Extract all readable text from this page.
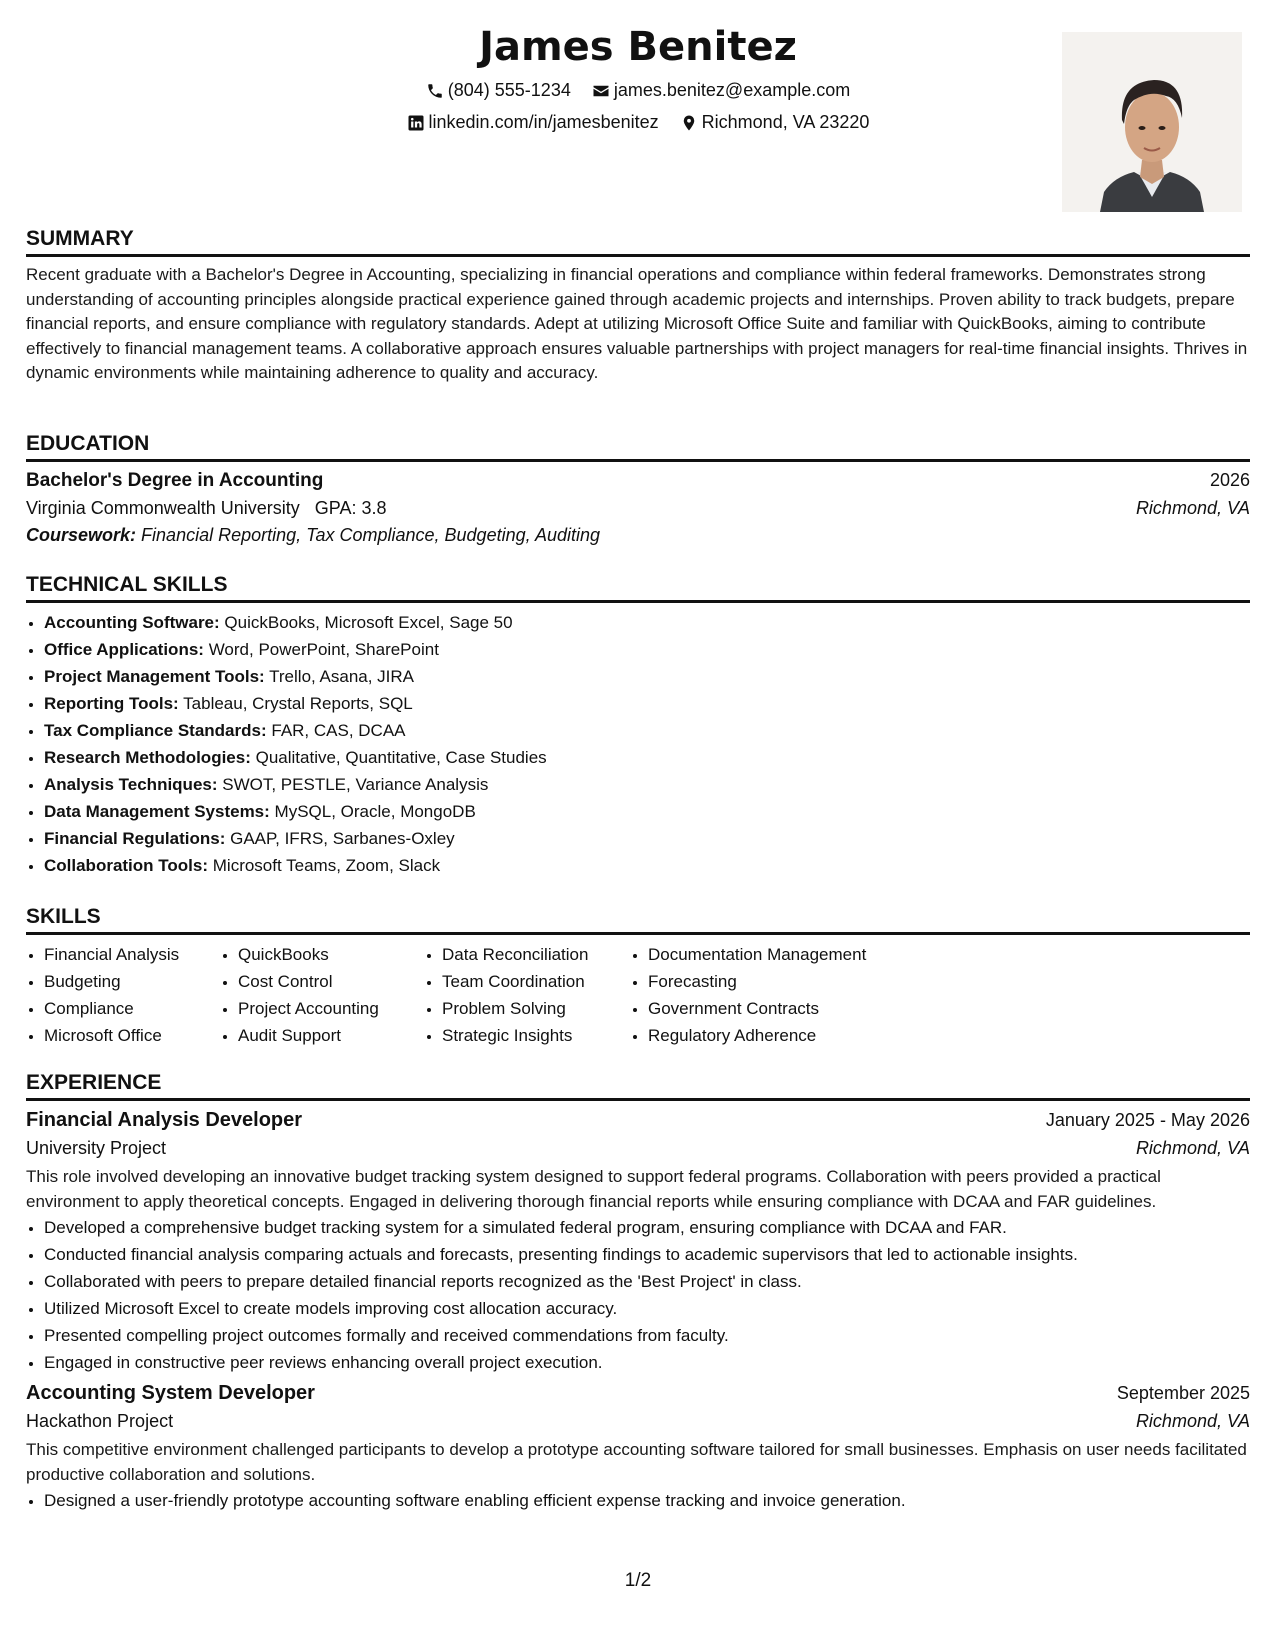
James Benitez
(804) 555-1234
james.benitez@example.com
linkedin.com/in/jamesbenitez
Richmond, VA 23220
SUMMARY
Recent graduate with a Bachelor's Degree in Accounting, specializing in financial operations and compliance within federal frameworks. Demonstrates strong understanding of accounting principles alongside practical experience gained through academic projects and internships. Proven ability to track budgets, prepare financial reports, and ensure compliance with regulatory standards. Adept at utilizing Microsoft Office Suite and familiar with QuickBooks, aiming to contribute effectively to financial management teams. A collaborative approach ensures valuable partnerships with project managers for real-time financial insights. Thrives in dynamic environments while maintaining adherence to quality and accuracy.
EDUCATION
Bachelor's Degree in Accounting	2026
Virginia Commonwealth University GPA: 3.8	Richmond, VA
Coursework:
Financial Reporting, Tax Compliance, Budgeting, Auditing
TECHNICAL SKILLS
• Accounting Software: QuickBooks, Microsoft Excel, Sage 50
• Office Applications: Word, PowerPoint, SharePoint
• Project Management Tools: Trello, Asana, JIRA
• Reporting Tools: Tableau, Crystal Reports, SQL
• Tax Compliance Standards: FAR, CAS, DCAA
• Research Methodologies: Qualitative, Quantitative, Case Studies
• Analysis Techniques: SWOT, PESTLE, Variance Analysis
• Data Management Systems: MySQL, Oracle, MongoDB
• Financial Regulations: GAAP, IFRS, Sarbanes-Oxley
• Collaboration Tools: Microsoft Teams, Zoom, Slack
SKILLS
• Financial Analysis
• Budgeting
• Compliance
• Microsoft Office
• QuickBooks
• Cost Control
• Project Accounting
• Audit Support
• Data Reconciliation
• Team Coordination
• Problem Solving
• Strategic Insights
• Documentation Management
• Forecasting
• Government Contracts
• Regulatory Adherence
EXPERIENCE
Financial Analysis Developer	January 2025 - May 2026
University Project	Richmond, VA
This role involved developing an innovative budget tracking system designed to support federal programs. Collaboration with peers provided a practical environment to apply theoretical concepts. Engaged in delivering thorough financial reports while ensuring compliance with DCAA and FAR guidelines.
• Developed a comprehensive budget tracking system for a simulated federal program, ensuring compliance with DCAA and FAR.
• Conducted financial analysis comparing actuals and forecasts, presenting findings to academic supervisors that led to actionable insights.
• Collaborated with peers to prepare detailed financial reports recognized as the 'Best Project' in class.
• Utilized Microsoft Excel to create models improving cost allocation accuracy.
• Presented compelling project outcomes formally and received commendations from faculty.
• Engaged in constructive peer reviews enhancing overall project execution.
Accounting System Developer	September 2025
Hackathon Project	Richmond, VA
This competitive environment challenged participants to develop a prototype accounting software tailored for small businesses. Emphasis on user needs facilitated productive collaboration and solutions.
• Designed a user-friendly prototype accounting software enabling efficient expense tracking and invoice generation.
1/2
